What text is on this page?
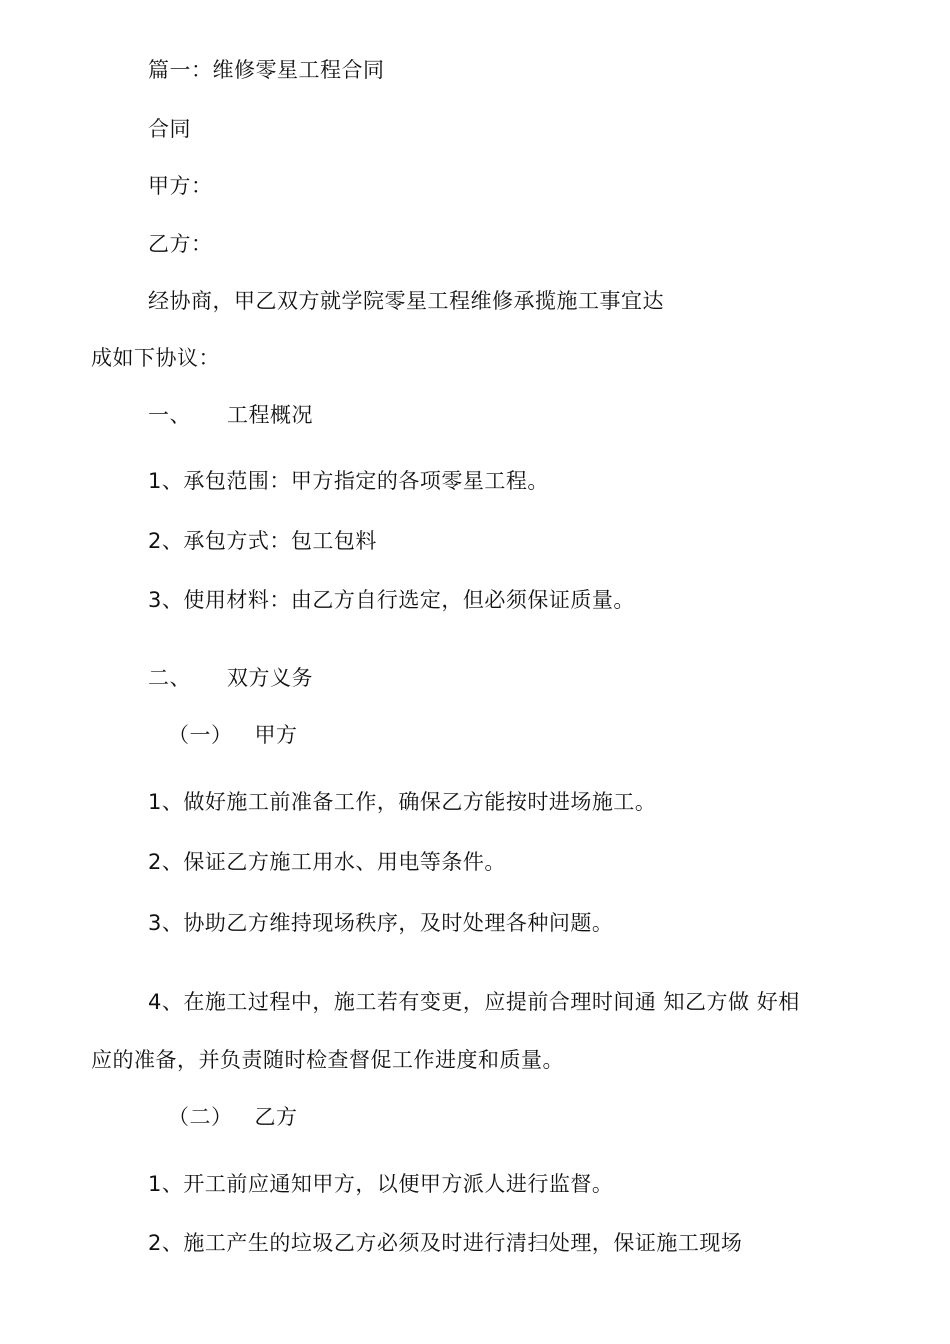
篇一：维修零星工程合同
合同
甲方：
乙方：
经协商，甲乙双方就学院零星工程维修承揽施工事宜达
成如下协议：
一、 工程概况
1、承包范围：甲方指定的各项零星工程。
2、承包方式：包工包料
3、使用材料：由乙方自行选定，但必须保证质量。
二、 双方义务
（一） 甲方
1、做好施工前准备工作，确保乙方能按时进场施工。
2、保证乙方施工用水、用电等条件。
3、协助乙方维持现场秩序，及时处理各种问题。
4、在施工过程中，施工若有变更，应提前合理时间通 知乙方做 好相
应的准备，并负责随时检查督促工作进度和质量。
（二） 乙方
1、开工前应通知甲方，以便甲方派人进行监督。
2、施工产生的垃圾乙方必须及时进行清扫处理，保证施工现场
